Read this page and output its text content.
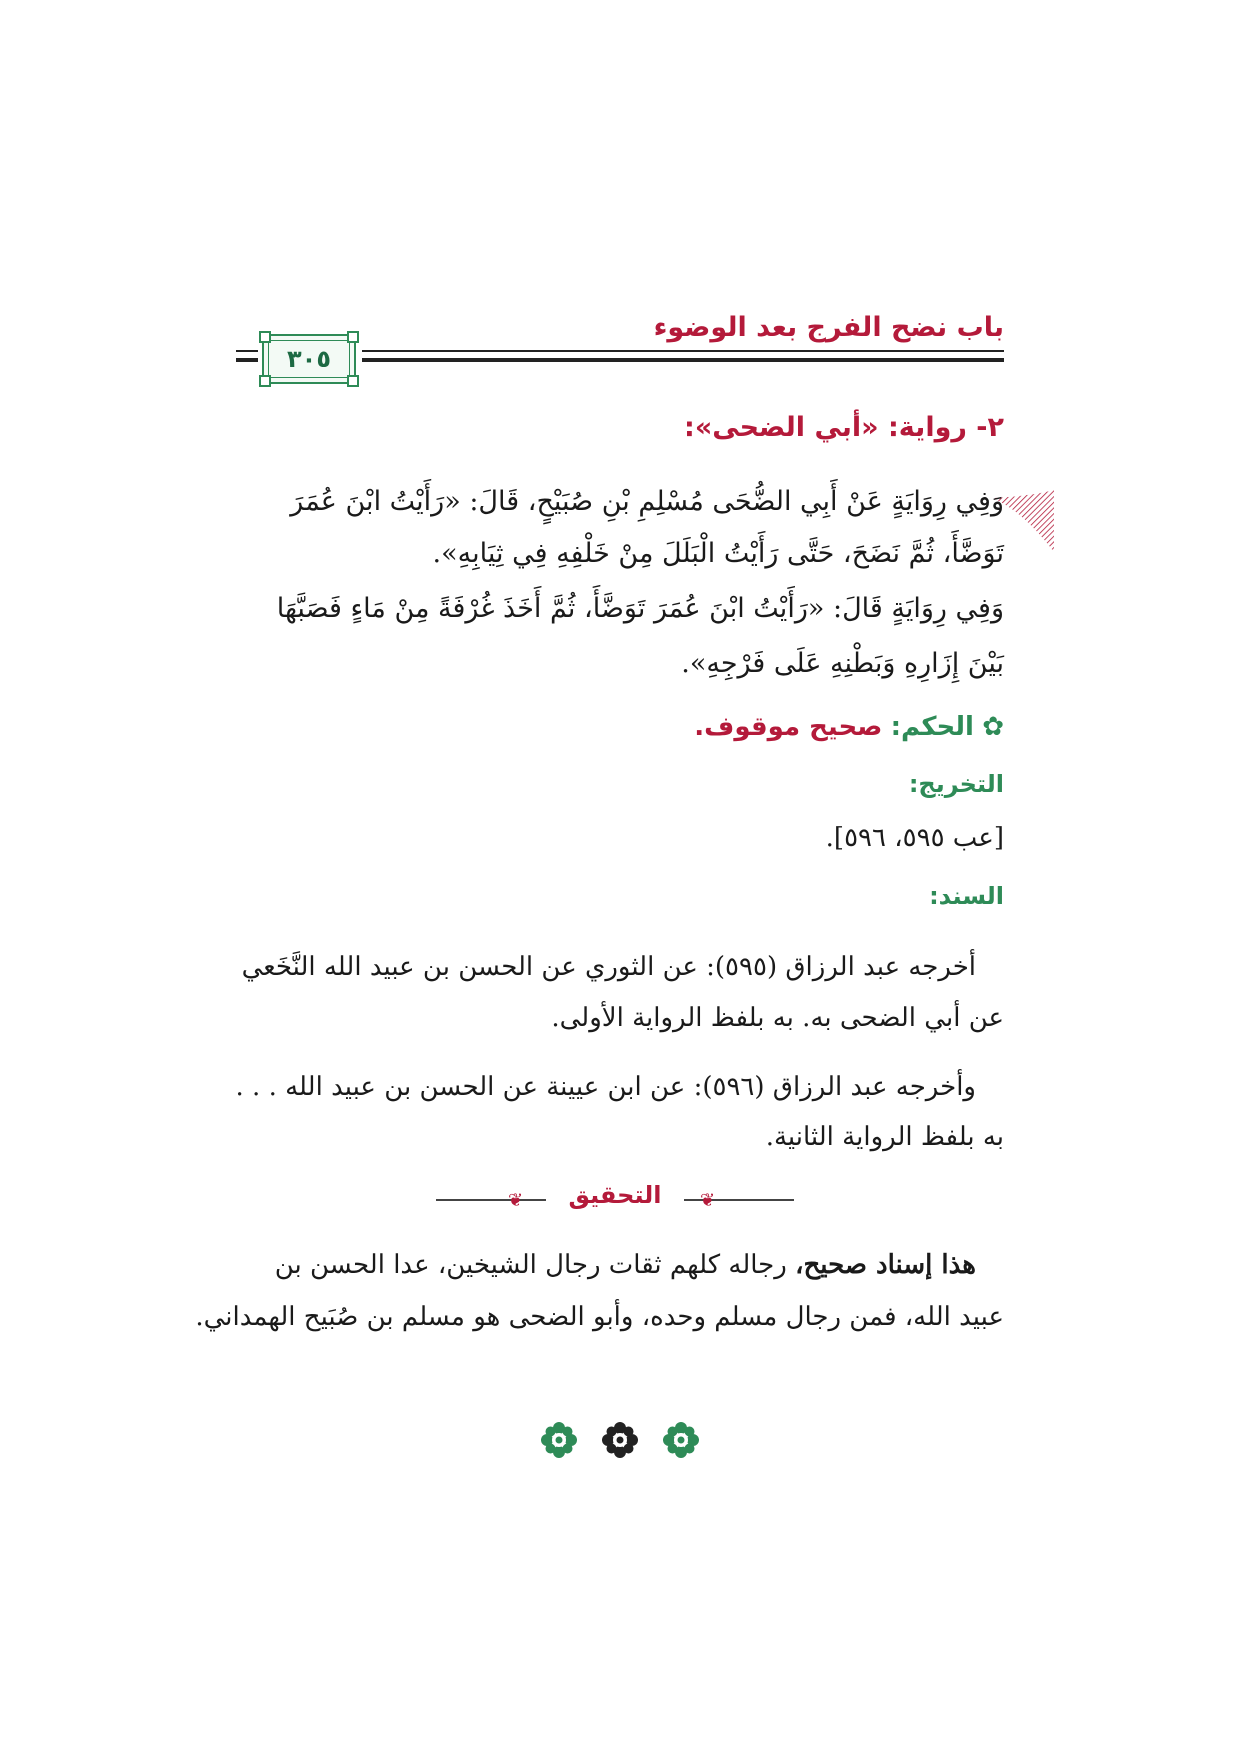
باب نضح الفرج بعد الوضوء
٣٠٥
٢- رواية: «أبي الضحى»:
وَفِي رِوَايَةٍ عَنْ أَبِي الضُّحَى مُسْلِمِ بْنِ صُبَيْحٍ، قَالَ: «رَأَيْتُ ابْنَ عُمَرَ
تَوَضَّأَ، ثُمَّ نَضَحَ، حَتَّى رَأَيْتُ الْبَلَلَ مِنْ خَلْفِهِ فِي ثِيَابِهِ».
وَفِي رِوَايَةٍ قَالَ: «رَأَيْتُ ابْنَ عُمَرَ تَوَضَّأَ، ثُمَّ أَخَذَ غُرْفَةً مِنْ مَاءٍ فَصَبَّهَا
بَيْنَ إِزَارِهِ وَبَطْنِهِ عَلَى فَرْجِهِ».
✿ الحكم: صحيح موقوف.
التخريج:
[عب ٥٩٥، ٥٩٦].
السند:
أخرجه عبد الرزاق (٥٩٥): عن الثوري عن الحسن بن عبيد الله النَّخَعي
عن أبي الضحى به. به بلفظ الرواية الأولى.
وأخرجه عبد الرزاق (٥٩٦): عن ابن عيينة عن الحسن بن عبيد الله . . .
به بلفظ الرواية الثانية.
❦	❦
التحقيق
هذا إسناد صحيح، رجاله كلهم ثقات رجال الشيخين، عدا الحسن بن
عبيد الله، فمن رجال مسلم وحده، وأبو الضحى هو مسلم بن صُبَيح الهمداني.
